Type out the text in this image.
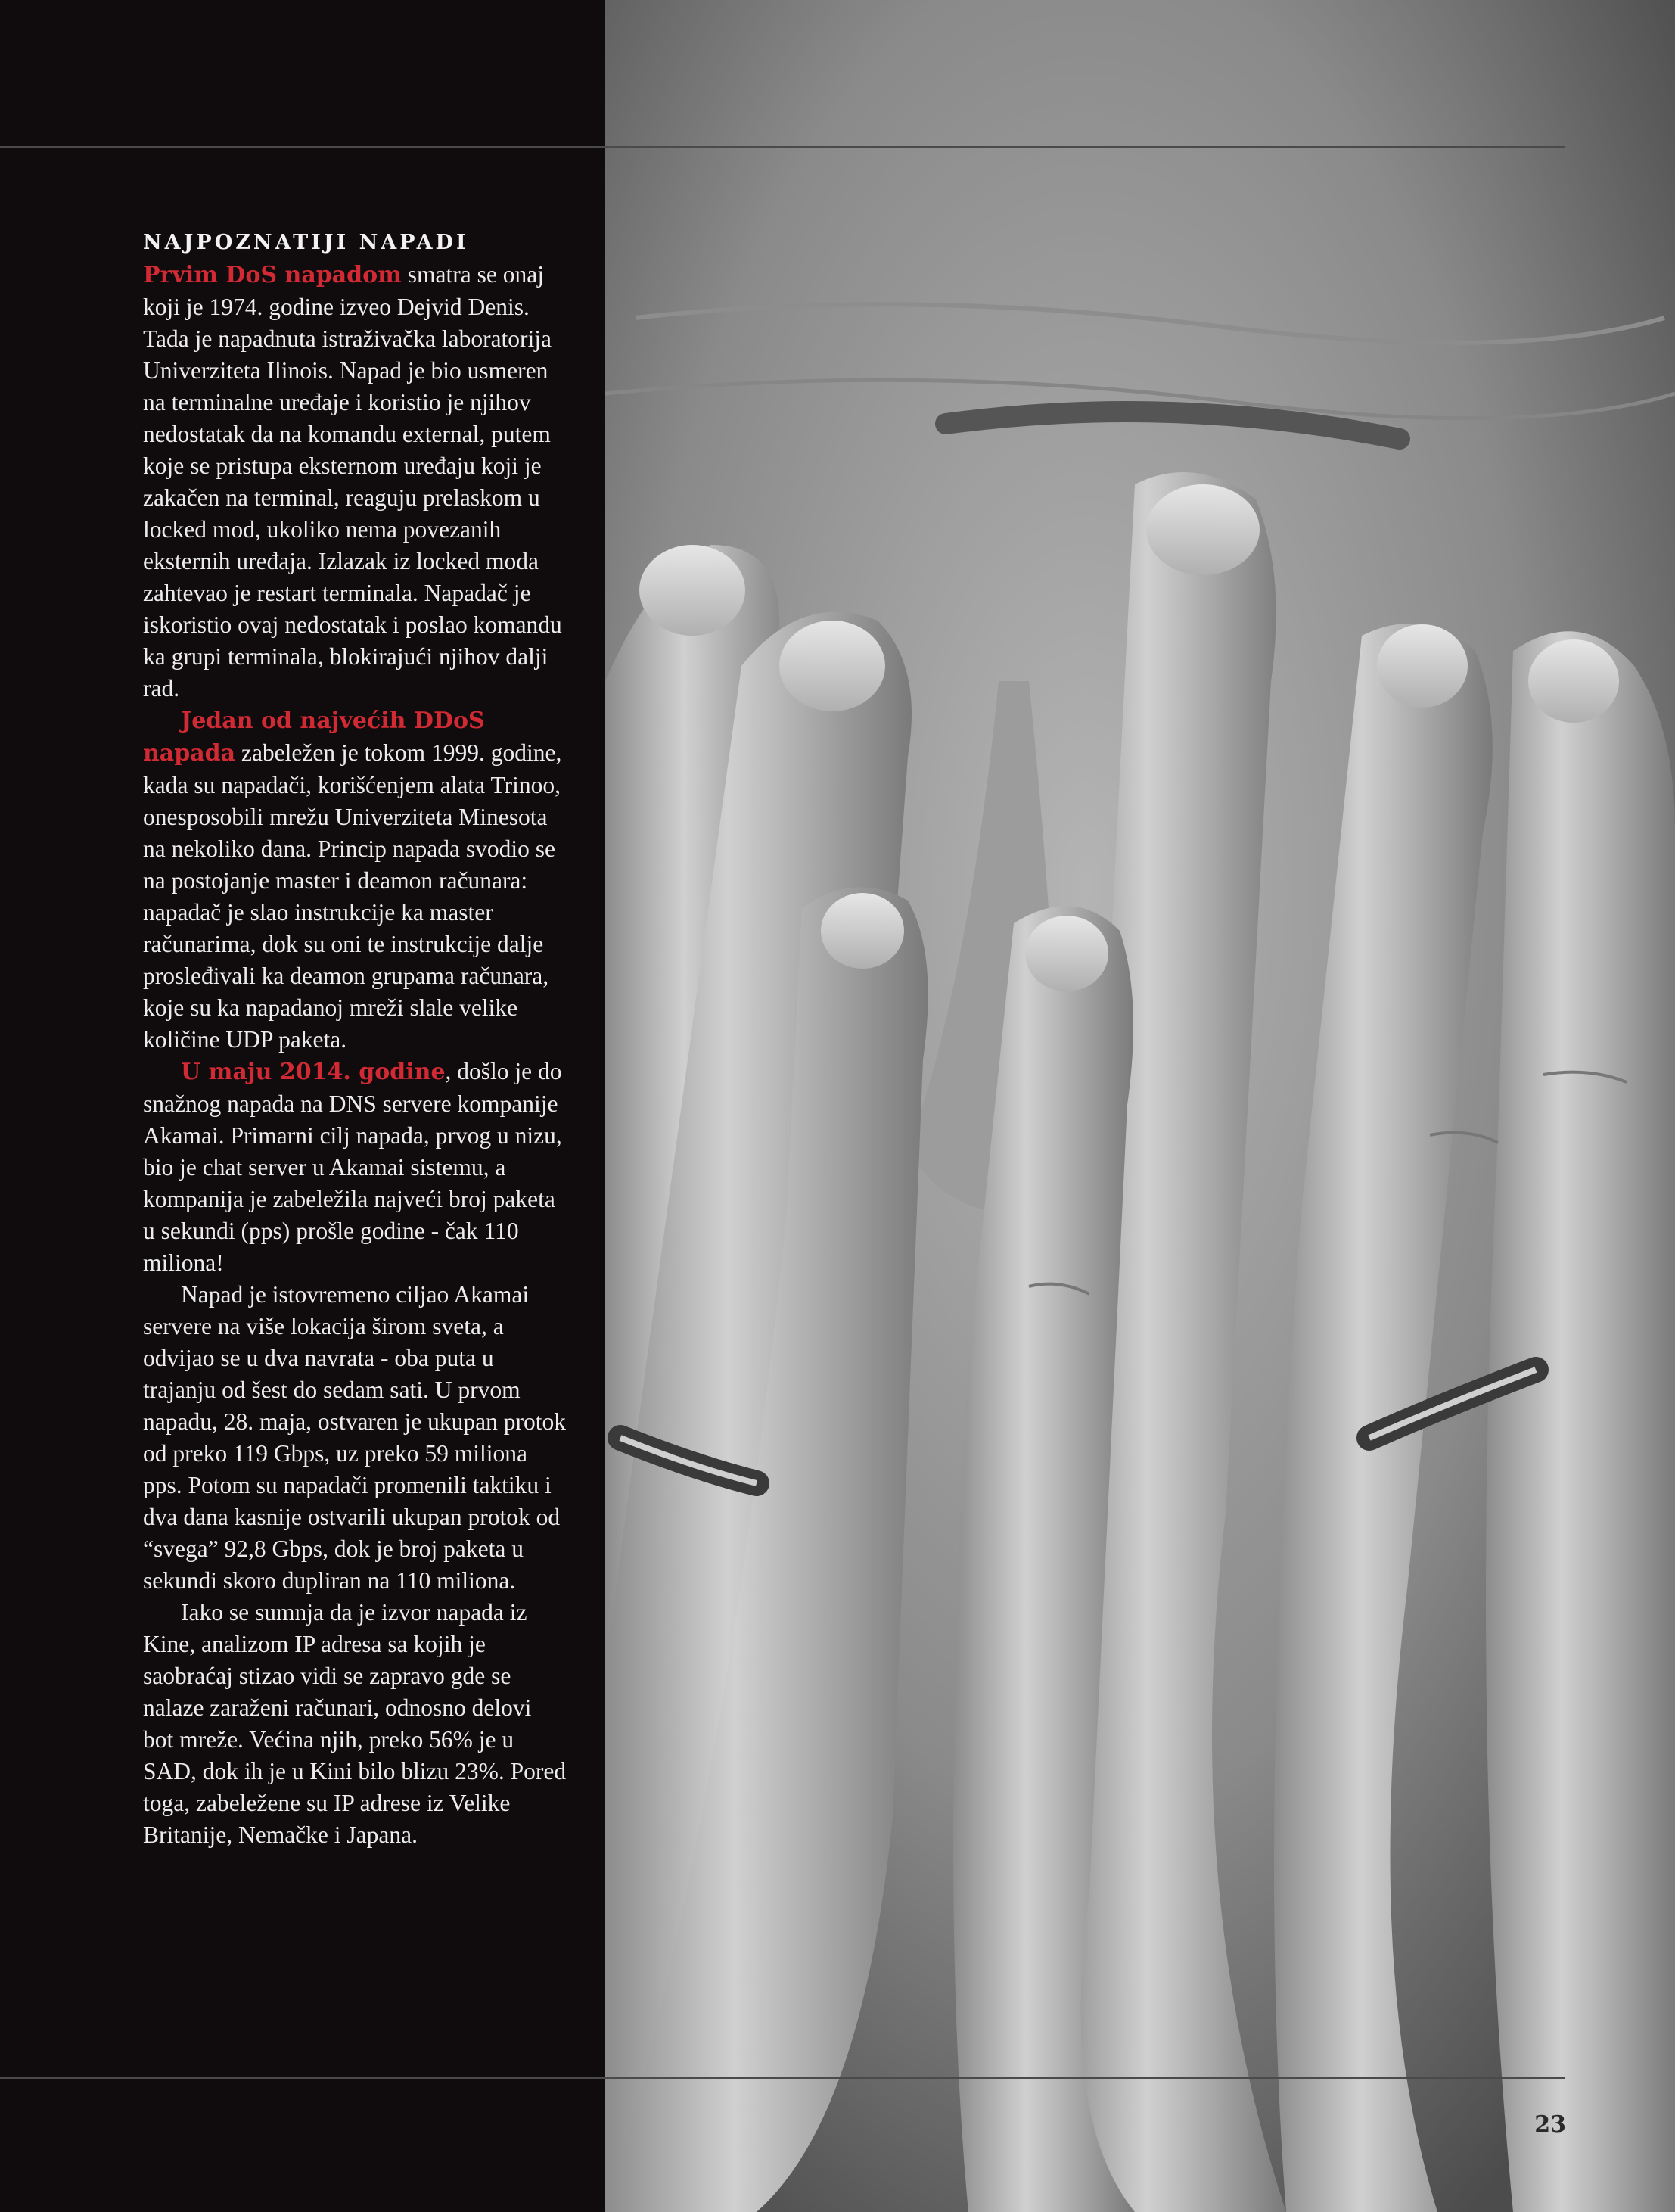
NAJPOZNATIJI NAPADI

Prvim DoS napadom smatra se onaj koji je 1974. godine izveo Dejvid Denis. Tada je napadnuta istraživačka laboratorija Univerziteta Ilinois. Napad je bio usmeren na terminalne uređaje i koristio je njihov nedostatak da na komandu external, putem koje se pristupa eksternom uređaju koji je zakačen na terminal, reaguju prelaskom u locked mod, ukoliko nema povezanih eksternih uređaja. Izlazak iz locked moda zahtevao je restart terminala. Napadač je iskoristio ovaj nedostatak i poslao komandu ka grupi terminala, blokirajući njihov dalji rad.

Jedan od najvećih DDoS napada zabeležen je tokom 1999. godine, kada su napadači, korišćenjem alata Trinoo, onesposobili mrežu Univerziteta Minesota na nekoliko dana. Princip napada svodio se na postojanje master i deamon računara: napadač je slao instrukcije ka master računarima, dok su oni te instrukcije dalje prosleđivali ka deamon grupama računara, koje su ka napadanoj mreži slale velike količine UDP paketa.

U maju 2014. godine, došlo je do snažnog napada na DNS servere kompanije Akamai. Primarni cilj napada, prvog u nizu, bio je chat server u Akamai sistemu, a kompanija je zabeležila najveći broj paketa u sekundi (pps) prošle godine - čak 110 miliona!

Napad je istovremeno ciljao Akamai servere na više lokacija širom sveta, a odvijao se u dva navrata - oba puta u trajanju od šest do sedam sati. U prvom napadu, 28. maja, ostvaren je ukupan protok od preko 119 Gbps, uz preko 59 miliona pps. Potom su napadači promenili taktiku i dva dana kasnije ostvarili ukupan protok od “svega” 92,8 Gbps, dok je broj paketa u sekundi skoro dupliran na 110 miliona.

Iako se sumnja da je izvor napada iz Kine, analizom IP adresa sa kojih je saobraćaj stizao vidi se zapravo gde se nalaze zaraženi računari, odnosno delovi bot mreže. Većina njih, preko 56% je u SAD, dok ih je u Kini bilo blizu 23%. Pored toga, zabeležene su IP adrese iz Velike Britanije, Nemačke i Japana.

23
